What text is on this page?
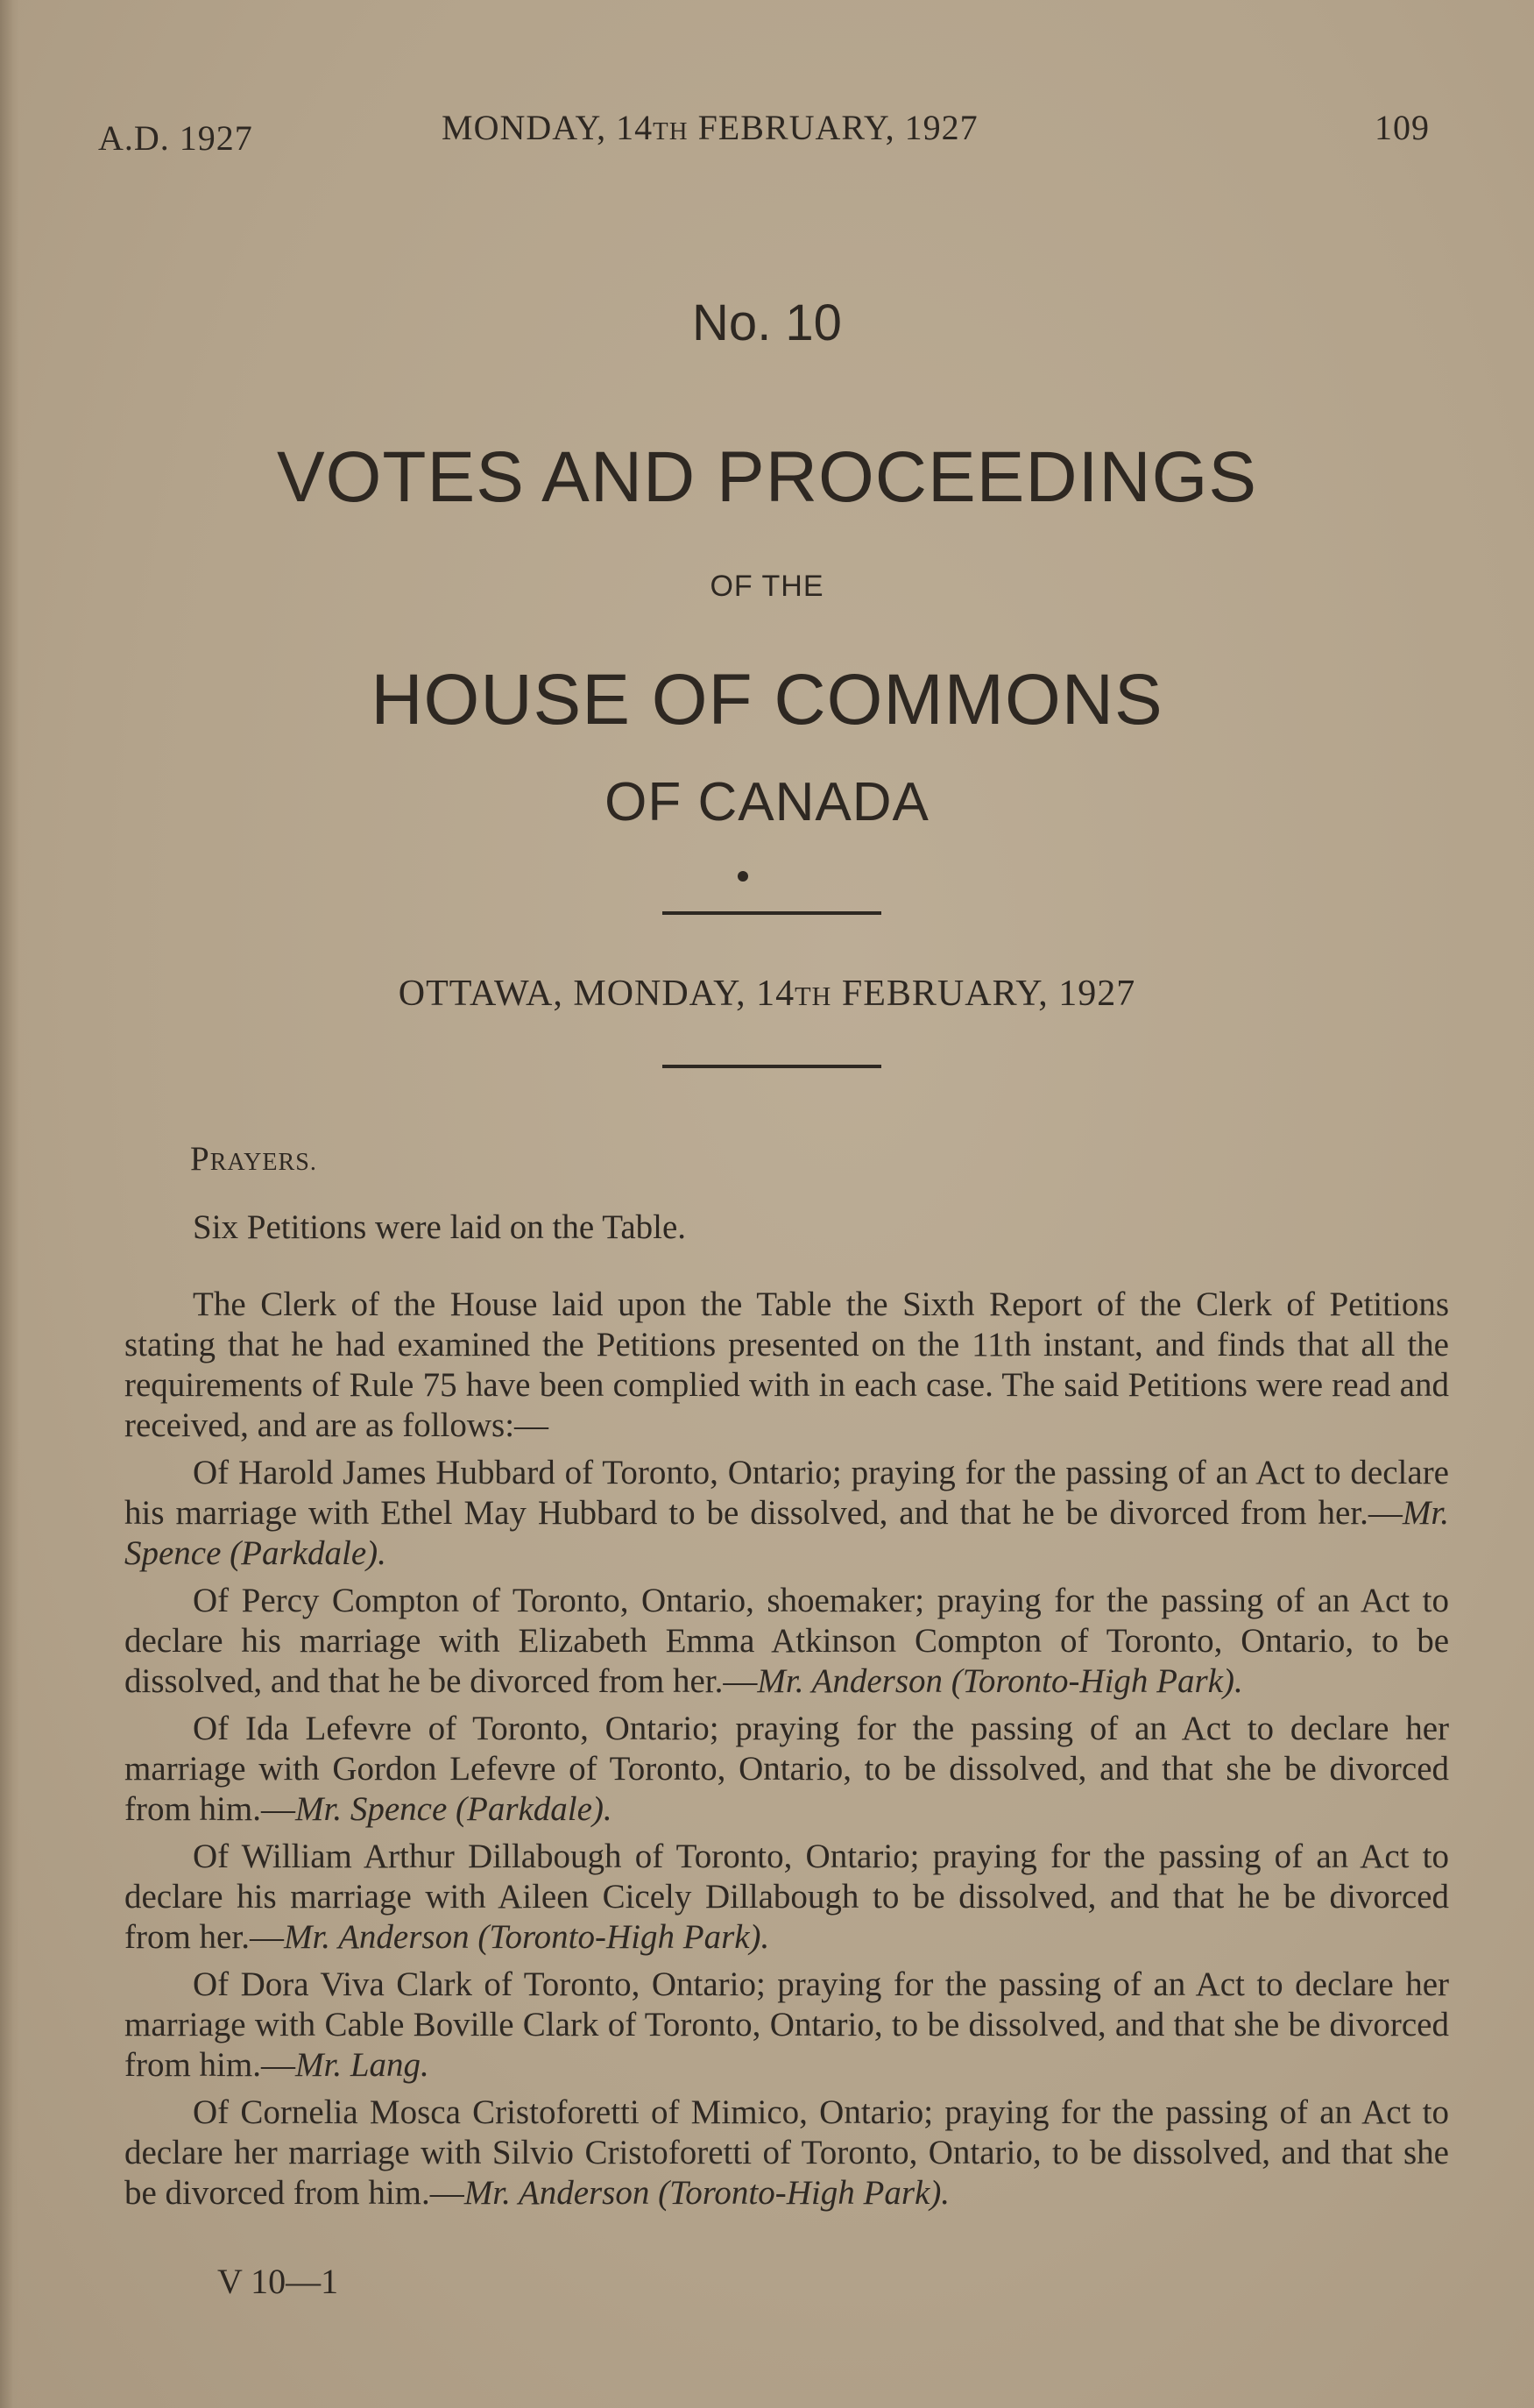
A.D. 1927	MONDAY, 14TH FEBRUARY, 1927	109
No. 10
VOTES AND PROCEEDINGS
OF THE
HOUSE OF COMMONS
OF CANADA
OTTAWA, MONDAY, 14TH FEBRUARY, 1927

PRAYERS.

Six Petitions were laid on the Table.

The Clerk of the House laid upon the Table the Sixth Report of the Clerk of Petitions stating that he had examined the Petitions presented on the 11th instant, and finds that all the requirements of Rule 75 have been complied with in each case. The said Petitions were read and received, and are as follows:—

Of Harold James Hubbard of Toronto, Ontario; praying for the passing of an Act to declare his marriage with Ethel May Hubbard to be dissolved, and that he be divorced from her.—Mr. Spence (Parkdale).

Of Percy Compton of Toronto, Ontario, shoemaker; praying for the passing of an Act to declare his marriage with Elizabeth Emma Atkinson Compton of Toronto, Ontario, to be dissolved, and that he be divorced from her.—Mr. Anderson (Toronto-High Park).

Of Ida Lefevre of Toronto, Ontario; praying for the passing of an Act to declare her marriage with Gordon Lefevre of Toronto, Ontario, to be dissolved, and that she be divorced from him.—Mr. Spence (Parkdale).

Of William Arthur Dillabough of Toronto, Ontario; praying for the passing of an Act to declare his marriage with Aileen Cicely Dillabough to be dissolved, and that he be divorced from her.—Mr. Anderson (Toronto-High Park).

Of Dora Viva Clark of Toronto, Ontario; praying for the passing of an Act to declare her marriage with Cable Boville Clark of Toronto, Ontario, to be dissolved, and that she be divorced from him.—Mr. Lang.

Of Cornelia Mosca Cristoforetti of Mimico, Ontario; praying for the passing of an Act to declare her marriage with Silvio Cristoforetti of Toronto, Ontario, to be dissolved, and that she be divorced from him.—Mr. Anderson (Toronto-High Park).

V 10—1
